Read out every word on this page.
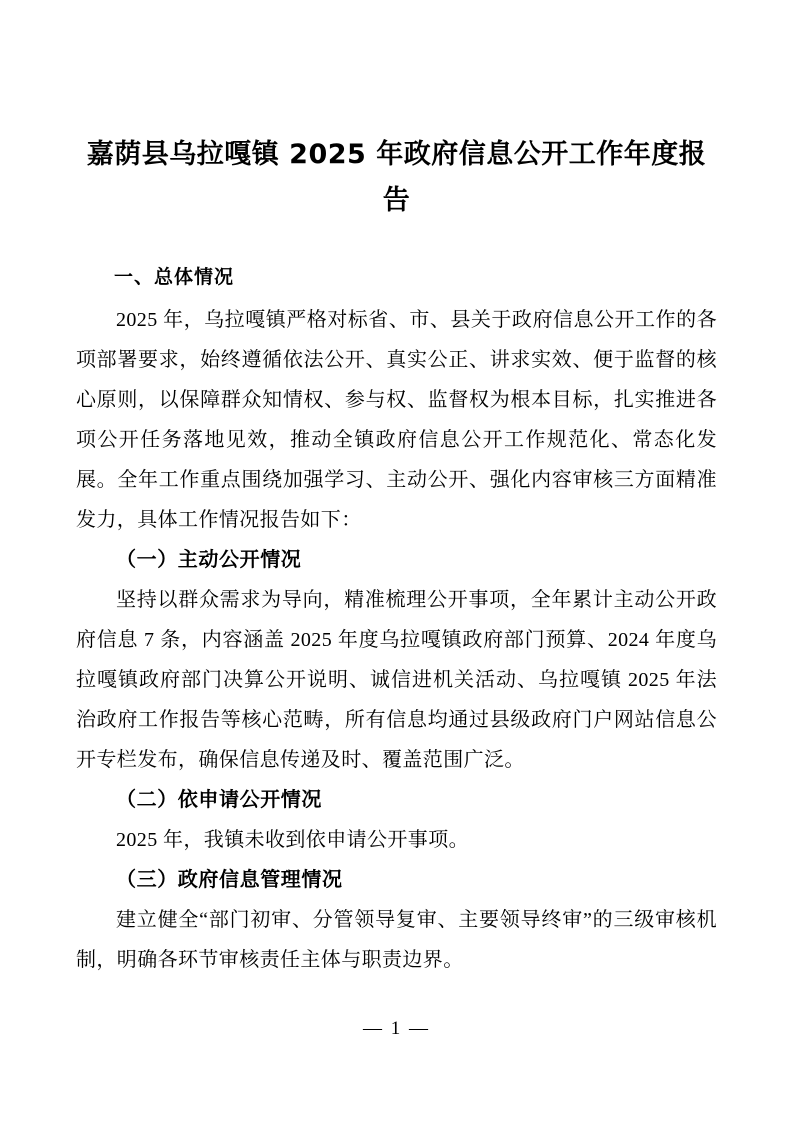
嘉荫县乌拉嘎镇 2025 年政府信息公开工作年度报告
一、总体情况

2025 年，乌拉嘎镇严格对标省、市、县关于政府信息公开工作的各项部署要求，始终遵循依法公开、真实公正、讲求实效、便于监督的核心原则，以保障群众知情权、参与权、监督权为根本目标，扎实推进各项公开任务落地见效，推动全镇政府信息公开工作规范化、常态化发展。全年工作重点围绕加强学习、主动公开、强化内容审核三方面精准发力，具体工作情况报告如下：

（一）主动公开情况

坚持以群众需求为导向，精准梳理公开事项，全年累计主动公开政府信息 7 条，内容涵盖 2025 年度乌拉嘎镇政府部门预算、2024 年度乌拉嘎镇政府部门决算公开说明、诚信进机关活动、乌拉嘎镇 2025 年法治政府工作报告等核心范畴，所有信息均通过县级政府门户网站信息公开专栏发布，确保信息传递及时、覆盖范围广泛。

（二）依申请公开情况

2025 年，我镇未收到依申请公开事项。

（三）政府信息管理情况

建立健全“部门初审、分管领导复审、主要领导终审”的三级审核机制，明确各环节审核责任主体与职责边界。

— 1 —
